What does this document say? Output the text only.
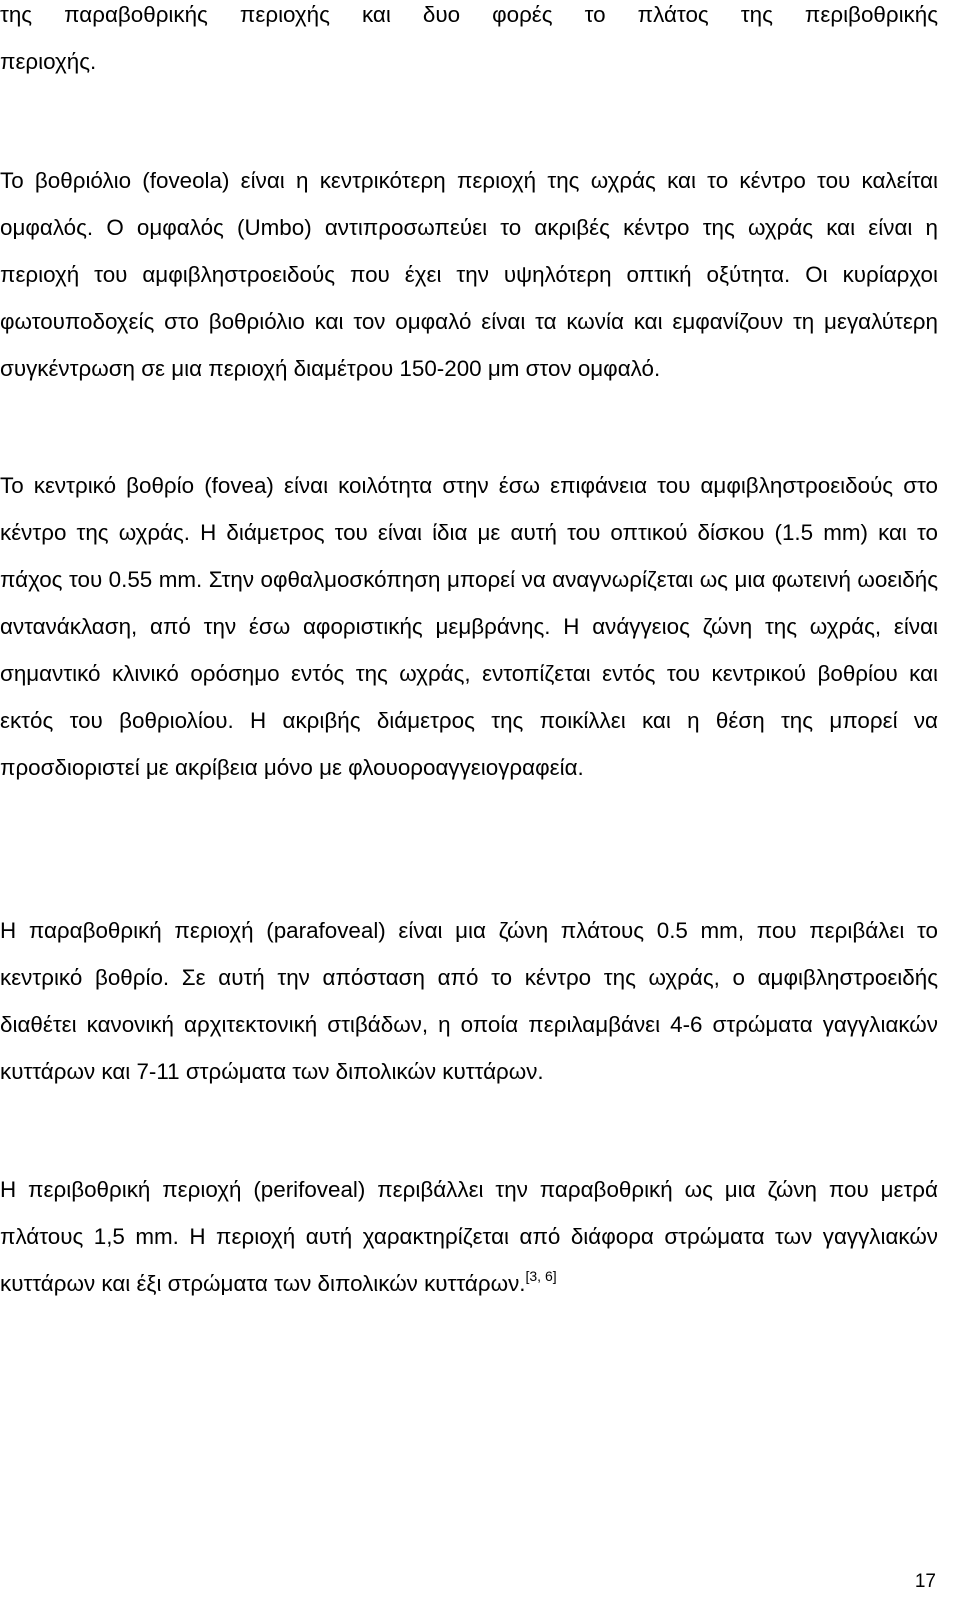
της παραβοθρικής περιοχής και δυο φορές το πλάτος της περιβοθρικής
περιοχής.
Το βοθριόλιο (foveola) είναι η κεντρικότερη περιοχή της ωχράς και το κέντρο του καλείται ομφαλός. Ο ομφαλός (Umbo) αντιπροσωπεύει το ακριβές κέντρο της ωχράς και είναι η περιοχή του αμφιβληστροειδούς που έχει την υψηλότερη οπτική οξύτητα. Οι κυρίαρχοι φωτουποδοχείς στο βοθριόλιο και τον ομφαλό είναι τα κωνία και εμφανίζουν τη μεγαλύτερη συγκέντρωση σε μια περιοχή διαμέτρου 150-200 μm στον ομφαλό.
Το κεντρικό βοθρίο (fovea) είναι κοιλότητα στην έσω επιφάνεια του αμφιβληστροειδούς στο κέντρο της ωχράς. Η διάμετρος του είναι ίδια με αυτή του οπτικού δίσκου (1.5 mm) και το πάχος του 0.55 mm. Στην οφθαλμοσκόπηση μπορεί να αναγνωρίζεται ως μια φωτεινή ωοειδής αντανάκλαση, από την έσω αφοριστικής μεμβράνης. Η ανάγγειος ζώνη της ωχράς, είναι σημαντικό κλινικό ορόσημο εντός της ωχράς, εντοπίζεται εντός του κεντρικού βοθρίου και εκτός του βοθριολίου. Η ακριβής διάμετρος της ποικίλλει και η θέση της μπορεί να προσδιοριστεί με ακρίβεια μόνο με φλουοροαγγειογραφεία.
Η παραβοθρική περιοχή (parafoveal) είναι μια ζώνη πλάτους 0.5 mm, που περιβάλει το κεντρικό βοθρίο. Σε αυτή την απόσταση από το κέντρο της ωχράς, ο αμφιβληστροειδής διαθέτει κανονική αρχιτεκτονική στιβάδων, η οποία περιλαμβάνει 4-6 στρώματα γαγγλιακών κυττάρων και 7-11 στρώματα των διπολικών κυττάρων.
Η περιβοθρική περιοχή (perifoveal) περιβάλλει την παραβοθρική ως μια ζώνη που μετρά πλάτους 1,5 mm. Η περιοχή αυτή χαρακτηρίζεται από διάφορα στρώματα των γαγγλιακών κυττάρων και έξι στρώματα των διπολικών κυττάρων.[3, 6]
17
